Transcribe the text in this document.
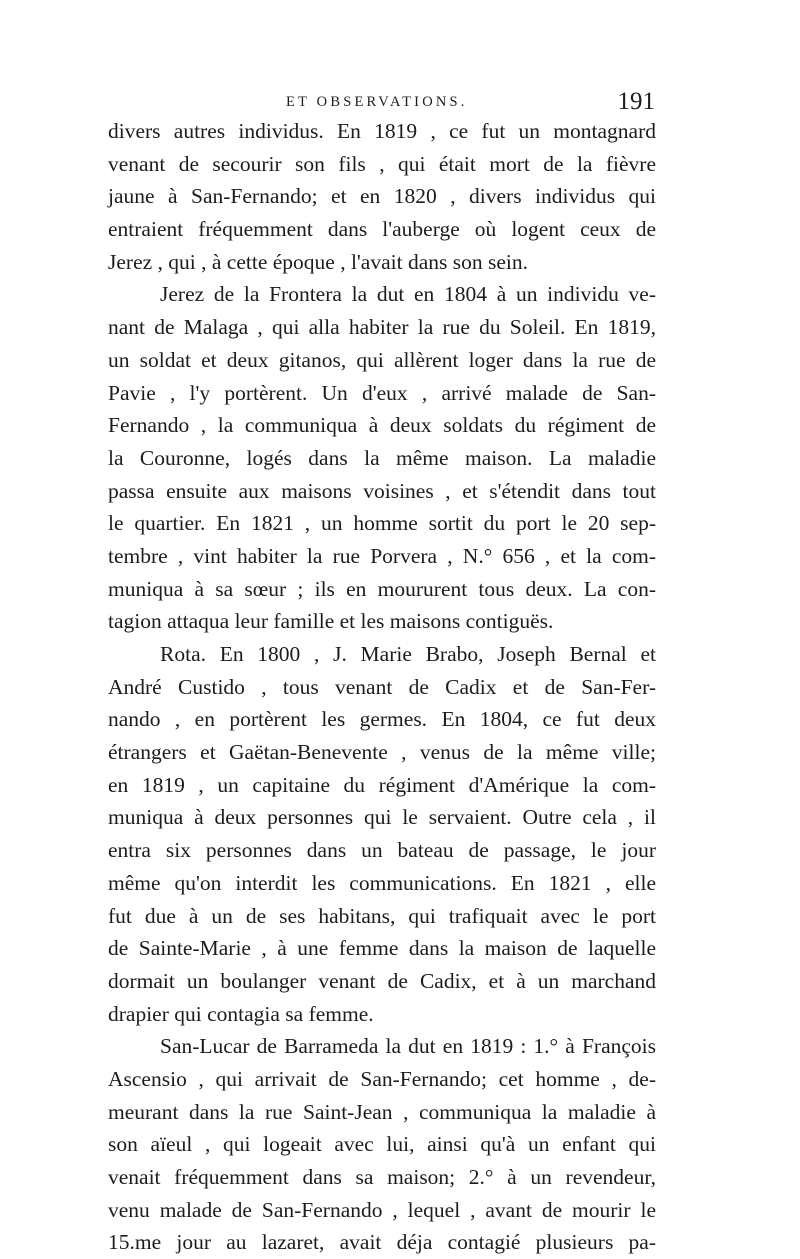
ET OBSERVATIONS.	191
divers autres individus. En 1819 , ce fut un montagnard
venant de secourir son fils , qui était mort de la fièvre
jaune à San-Fernando; et en 1820 , divers individus qui
entraient fréquemment dans l'auberge où logent ceux de
Jerez , qui , à cette époque , l'avait dans son sein.
Jerez de la Frontera la dut en 1804 à un individu ve-
nant de Malaga , qui alla habiter la rue du Soleil. En 1819,
un soldat et deux gitanos, qui allèrent loger dans la rue de
Pavie , l'y portèrent. Un d'eux , arrivé malade de San-
Fernando , la communiqua à deux soldats du régiment de
la Couronne, logés dans la même maison. La maladie
passa ensuite aux maisons voisines , et s'étendit dans tout
le quartier. En 1821 , un homme sortit du port le 20 sep-
tembre , vint habiter la rue Porvera , N.° 656 , et la com-
muniqua à sa sœur ; ils en moururent tous deux. La con-
tagion attaqua leur famille et les maisons contiguës.
Rota. En 1800 , J. Marie Brabo, Joseph Bernal et
André Custido , tous venant de Cadix et de San-Fer-
nando , en portèrent les germes. En 1804, ce fut deux
étrangers et Gaëtan-Benevente , venus de la même ville;
en 1819 , un capitaine du régiment d'Amérique la com-
muniqua à deux personnes qui le servaient. Outre cela , il
entra six personnes dans un bateau de passage, le jour
même qu'on interdit les communications. En 1821 , elle
fut due à un de ses habitans, qui trafiquait avec le port
de Sainte-Marie , à une femme dans la maison de laquelle
dormait un boulanger venant de Cadix, et à un marchand
drapier qui contagia sa femme.
San-Lucar de Barrameda la dut en 1819 : 1.° à François
Ascensio , qui arrivait de San-Fernando; cet homme , de-
meurant dans la rue Saint-Jean , communiqua la maladie à
son aïeul , qui logeait avec lui, ainsi qu'à un enfant qui
venait fréquemment dans sa maison; 2.° à un revendeur,
venu malade de San-Fernando , lequel , avant de mourir le
15.me jour au lazaret, avait déja contagié plusieurs pa-
